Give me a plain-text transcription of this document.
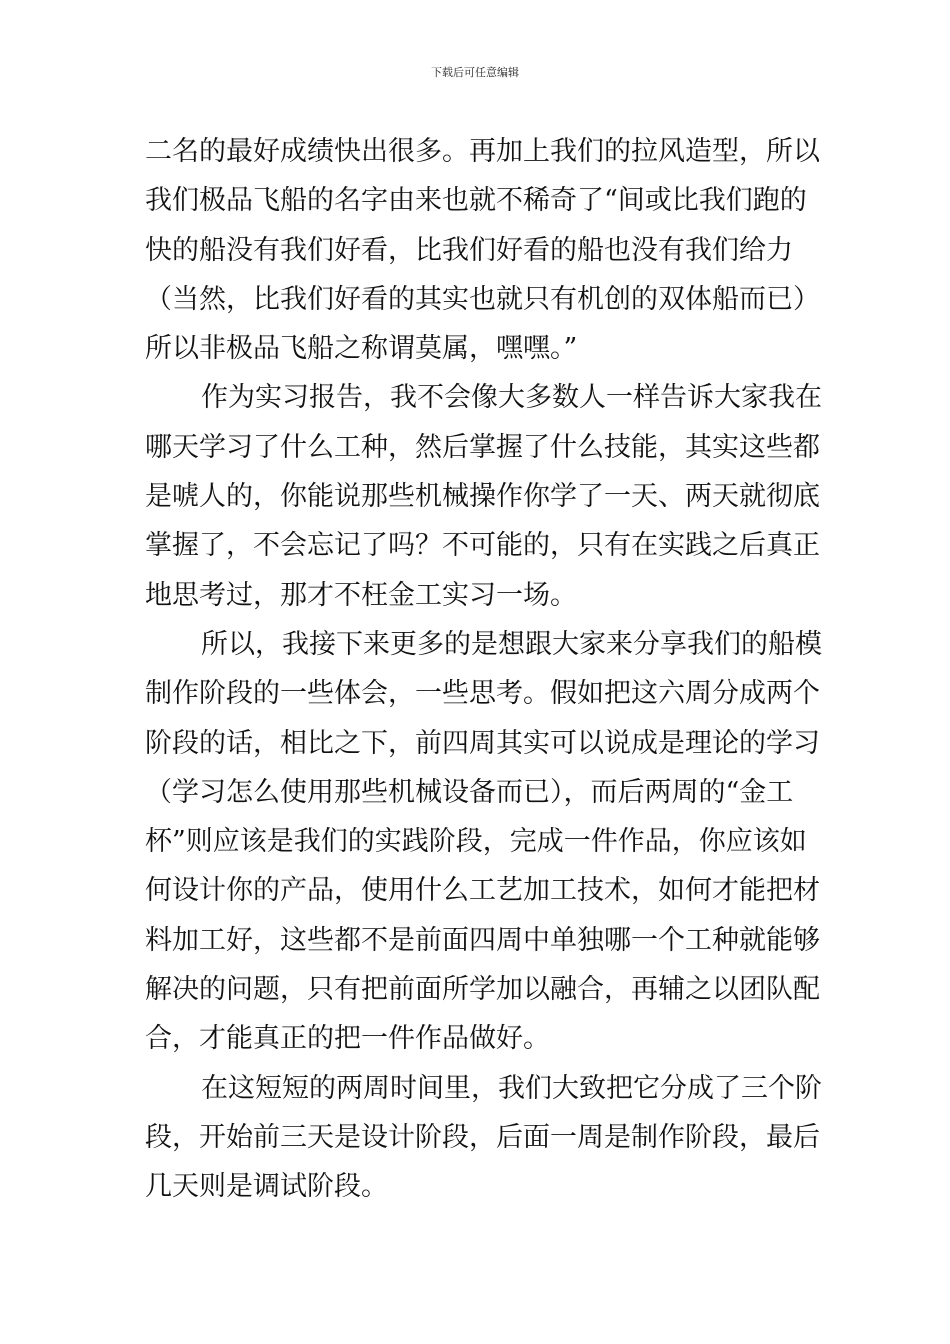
下载后可任意编辑
二名的最好成绩快出很多。再加上我们的拉风造型，所以
我们极品飞船的名字由来也就不稀奇了“间或比我们跑的
快的船没有我们好看，比我们好看的船也没有我们给力
（当然，比我们好看的其实也就只有机创的双体船而已）
所以非极品飞船之称谓莫属，嘿嘿。”
作为实习报告，我不会像大多数人一样告诉大家我在
哪天学习了什么工种，然后掌握了什么技能，其实这些都
是唬人的，你能说那些机械操作你学了一天、两天就彻底
掌握了，不会忘记了吗？不可能的，只有在实践之后真正
地思考过，那才不枉金工实习一场。
所以，我接下来更多的是想跟大家来分享我们的船模
制作阶段的一些体会，一些思考。假如把这六周分成两个
阶段的话，相比之下，前四周其实可以说成是理论的学习
（学习怎么使用那些机械设备而已），而后两周的“金工
杯”则应该是我们的实践阶段，完成一件作品，你应该如
何设计你的产品，使用什么工艺加工技术，如何才能把材
料加工好，这些都不是前面四周中单独哪一个工种就能够
解决的问题，只有把前面所学加以融合，再辅之以团队配
合，才能真正的把一件作品做好。
在这短短的两周时间里，我们大致把它分成了三个阶
段，开始前三天是设计阶段，后面一周是制作阶段，最后
几天则是调试阶段。
